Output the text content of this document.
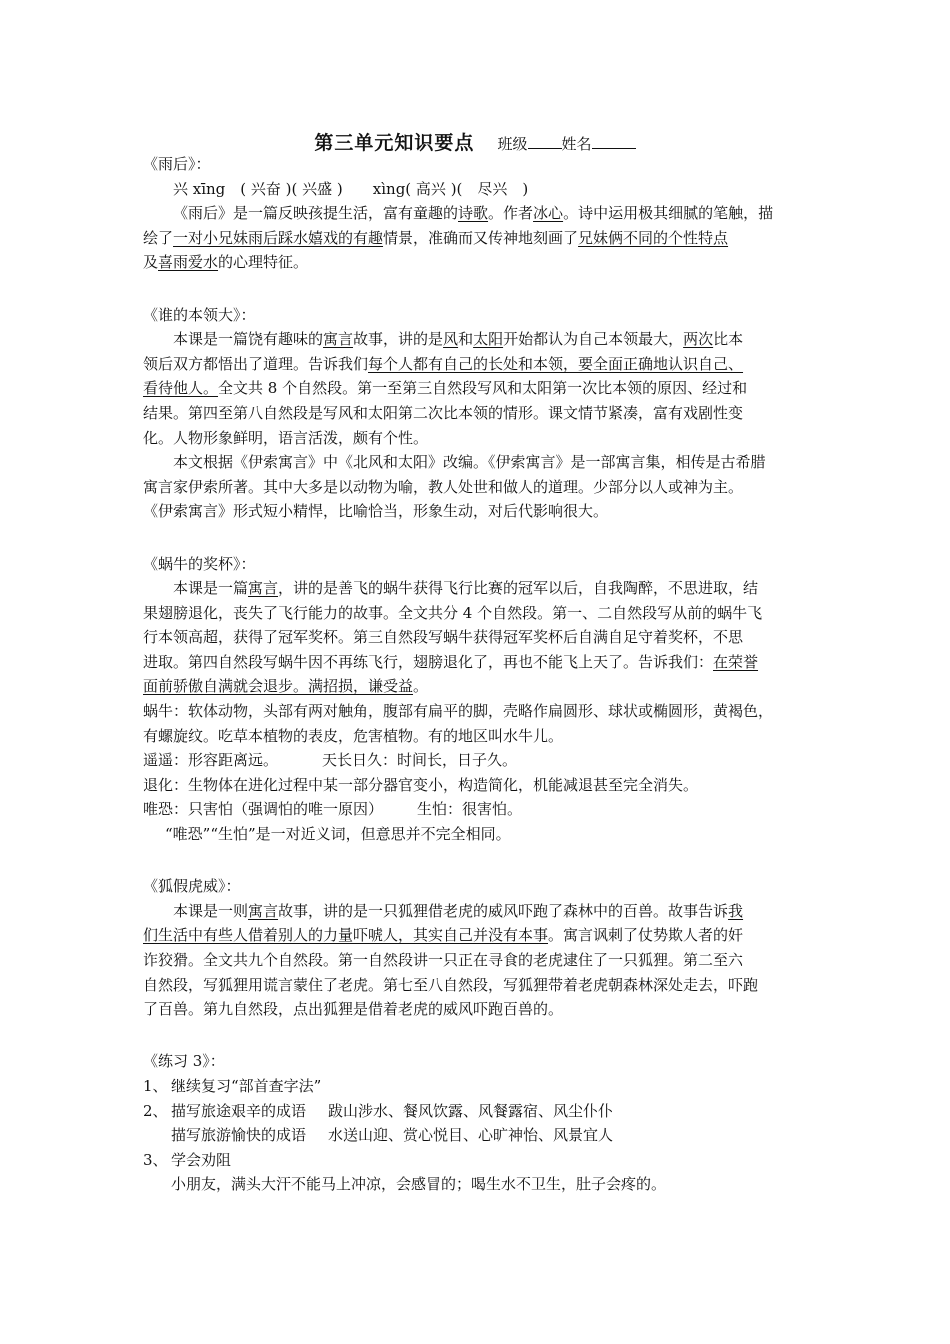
第三单元知识要点 班级 姓名
《雨后》：
兴 xīng　( 兴奋 )( 兴盛 ) xìng( 高兴 )(　尽兴　)
《雨后》是一篇反映孩提生活，富有童趣的诗歌。作者冰心。诗中运用极其细腻的笔触，描
绘了一对小兄妹雨后踩水嬉戏的有趣情景，准确而又传神地刻画了兄妹俩不同的个性特点
及喜雨爱水的心理特征。
《谁的本领大》：
本课是一篇饶有趣味的寓言故事，讲的是风和太阳开始都认为自己本领最大，两次比本
领后双方都悟出了道理。告诉我们每个人都有自己的长处和本领，要全面正确地认识自己、
看待他人。全文共 8 个自然段。第一至第三自然段写风和太阳第一次比本领的原因、经过和
结果。第四至第八自然段是写风和太阳第二次比本领的情形。课文情节紧凑，富有戏剧性变
化。人物形象鲜明，语言活泼，颇有个性。
本文根据《伊索寓言》中《北风和太阳》改编。《伊索寓言》是一部寓言集，相传是古希腊
寓言家伊索所著。其中大多是以动物为喻，教人处世和做人的道理。少部分以人或神为主。
《伊索寓言》形式短小精悍，比喻恰当，形象生动，对后代影响很大。
《蜗牛的奖杯》：
本课是一篇寓言，讲的是善飞的蜗牛获得飞行比赛的冠军以后，自我陶醉，不思进取，结
果翅膀退化，丧失了飞行能力的故事。全文共分 4 个自然段。第一、二自然段写从前的蜗牛飞
行本领高超，获得了冠军奖杯。第三自然段写蜗牛获得冠军奖杯后自满自足守着奖杯，不思
进取。第四自然段写蜗牛因不再练飞行，翅膀退化了，再也不能飞上天了。告诉我们：在荣誉
面前骄傲自满就会退步。满招损，谦受益。
蜗牛：软体动物，头部有两对触角，腹部有扁平的脚，壳略作扁圆形、球状或椭圆形，黄褐色，
有螺旋纹。吃草本植物的表皮，危害植物。有的地区叫水牛儿。
遥遥：形容距离远。	天长日久：时间长，日子久。
退化：生物体在进化过程中某一部分器官变小，构造简化，机能减退甚至完全消失。
唯恐：只害怕（强调怕的唯一原因） 生怕：很害怕。
“唯恐”“生怕”是一对近义词，但意思并不完全相同。
《狐假虎威》：
本课是一则寓言故事，讲的是一只狐狸借老虎的威风吓跑了森林中的百兽。故事告诉我
们生活中有些人借着别人的力量吓唬人，其实自己并没有本事。寓言讽刺了仗势欺人者的奸
诈狡猾。全文共九个自然段。第一自然段讲一只正在寻食的老虎逮住了一只狐狸。第二至六
自然段，写狐狸用谎言蒙住了老虎。第七至八自然段，写狐狸带着老虎朝森林深处走去，吓跑
了百兽。第九自然段，点出狐狸是借着老虎的威风吓跑百兽的。
《练习 3》：
1、 继续复习“部首查字法”
2、 描写旅途艰辛的成语 跋山涉水、餐风饮露、风餐露宿、风尘仆仆
描写旅游愉快的成语 水送山迎、赏心悦目、心旷神怡、风景宜人
3、 学会劝阻
小朋友，满头大汗不能马上冲凉，会感冒的；喝生水不卫生，肚子会疼的。
